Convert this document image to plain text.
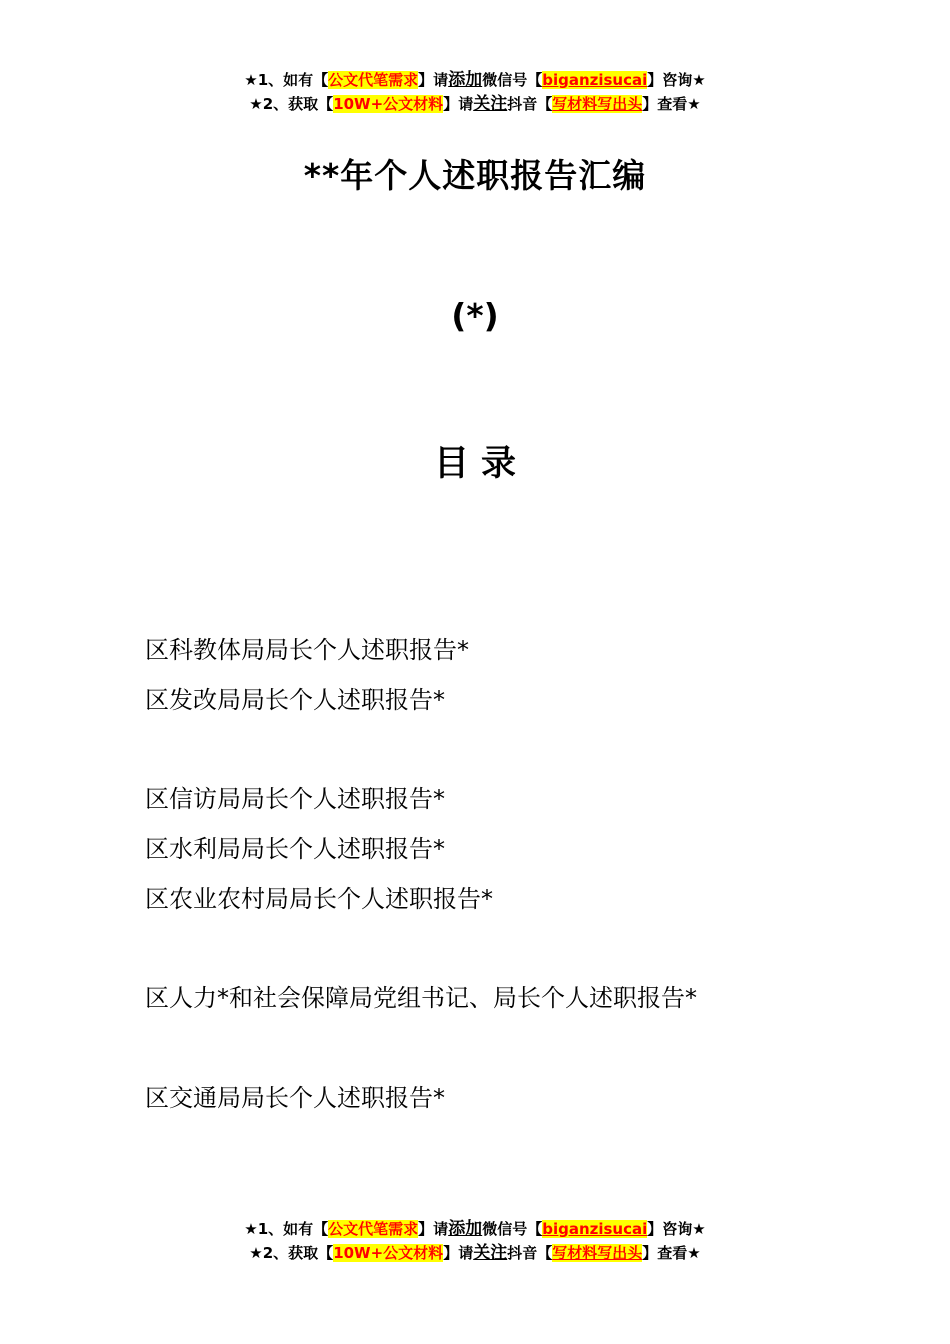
★1、如有【公文代笔需求】请添加微信号【biganzisucai】咨询★
★2、获取【10W+公文材料】请关注抖音【写材料写出头】查看★
**年个人述职报告汇编
(*)
目录
区科教体局局长个人述职报告*
区发改局局长个人述职报告*
区信访局局长个人述职报告*
区水利局局长个人述职报告*
区农业农村局局长个人述职报告*
区人力*和社会保障局党组书记、局长个人述职报告*
区交通局局长个人述职报告*
★1、如有【公文代笔需求】请添加微信号【biganzisucai】咨询★
★2、获取【10W+公文材料】请关注抖音【写材料写出头】查看★
